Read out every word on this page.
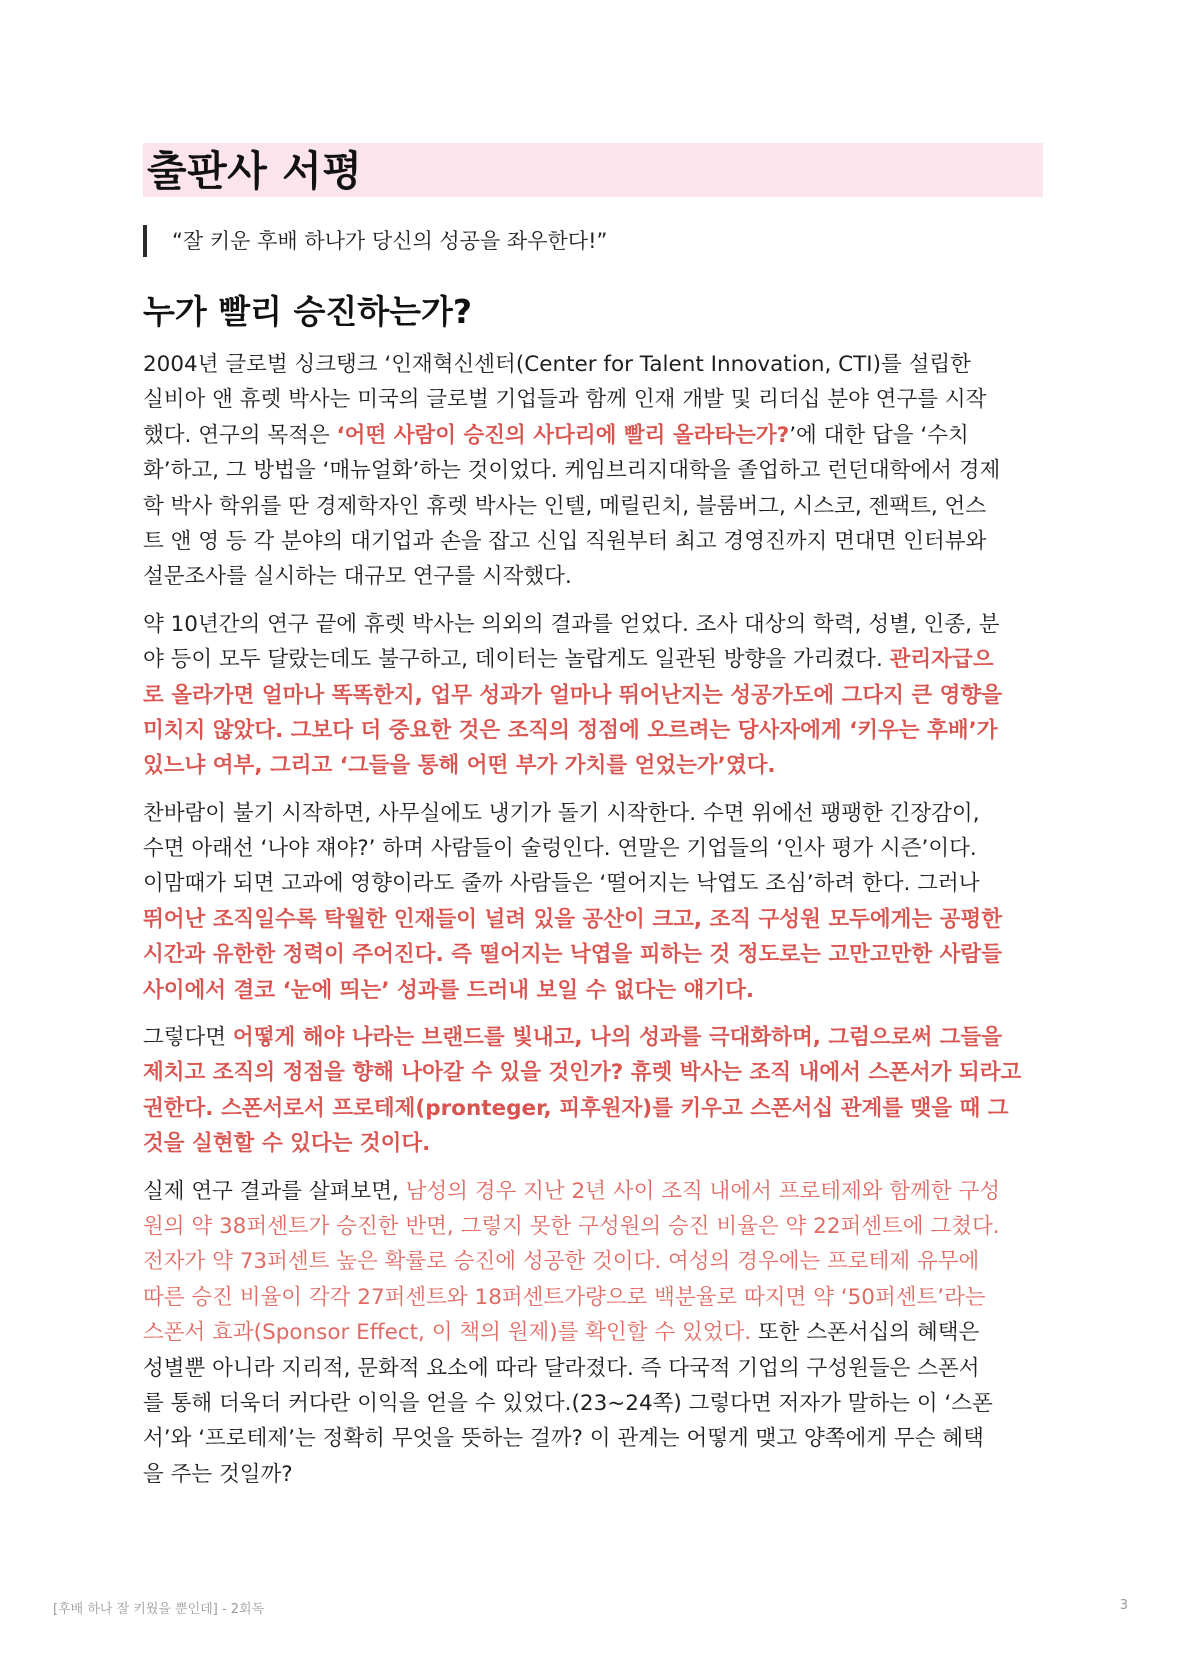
출판사 서평
“잘 키운 후배 하나가 당신의 성공을 좌우한다!”
누가 빨리 승진하는가?
2004년 글로벌 싱크탱크 ‘인재혁신센터(Center for Talent Innovation, CTI)를 설립한
실비아 앤 휴렛 박사는 미국의 글로벌 기업들과 함께 인재 개발 및 리더십 분야 연구를 시작
했다. 연구의 목적은 ‘어떤 사람이 승진의 사다리에 빨리 올라타는가?’에 대한 답을 ‘수치
화’하고, 그 방법을 ‘매뉴얼화’하는 것이었다. 케임브리지대학을 졸업하고 런던대학에서 경제
학 박사 학위를 딴 경제학자인 휴렛 박사는 인텔, 메릴린치, 블룸버그, 시스코, 젠팩트, 언스
트 앤 영 등 각 분야의 대기업과 손을 잡고 신입 직원부터 최고 경영진까지 면대면 인터뷰와
설문조사를 실시하는 대규모 연구를 시작했다.
약 10년간의 연구 끝에 휴렛 박사는 의외의 결과를 얻었다. 조사 대상의 학력, 성별, 인종, 분
야 등이 모두 달랐는데도 불구하고, 데이터는 놀랍게도 일관된 방향을 가리켰다. 관리자급으
로 올라가면 얼마나 똑똑한지, 업무 성과가 얼마나 뛰어난지는 성공가도에 그다지 큰 영향을
미치지 않았다. 그보다 더 중요한 것은 조직의 정점에 오르려는 당사자에게 ‘키우는 후배’가
있느냐 여부, 그리고 ‘그들을 통해 어떤 부가 가치를 얻었는가’였다.
찬바람이 불기 시작하면, 사무실에도 냉기가 돌기 시작한다. 수면 위에선 팽팽한 긴장감이,
수면 아래선 ‘나야 쟤야?’ 하며 사람들이 술렁인다. 연말은 기업들의 ‘인사 평가 시즌’이다.
이맘때가 되면 고과에 영향이라도 줄까 사람들은 ‘떨어지는 낙엽도 조심’하려 한다. 그러나
뛰어난 조직일수록 탁월한 인재들이 널려 있을 공산이 크고, 조직 구성원 모두에게는 공평한
시간과 유한한 정력이 주어진다. 즉 떨어지는 낙엽을 피하는 것 정도로는 고만고만한 사람들
사이에서 결코 ‘눈에 띄는’ 성과를 드러내 보일 수 없다는 얘기다.
그렇다면 어떻게 해야 나라는 브랜드를 빛내고, 나의 성과를 극대화하며, 그럼으로써 그들을
제치고 조직의 정점을 향해 나아갈 수 있을 것인가? 휴렛 박사는 조직 내에서 스폰서가 되라고
권한다. 스폰서로서 프로테제(pronteger, 피후원자)를 키우고 스폰서십 관계를 맺을 때 그
것을 실현할 수 있다는 것이다.
실제 연구 결과를 살펴보면, 남성의 경우 지난 2년 사이 조직 내에서 프로테제와 함께한 구성
원의 약 38퍼센트가 승진한 반면, 그렇지 못한 구성원의 승진 비율은 약 22퍼센트에 그쳤다.
전자가 약 73퍼센트 높은 확률로 승진에 성공한 것이다. 여성의 경우에는 프로테제 유무에
따른 승진 비율이 각각 27퍼센트와 18퍼센트가량으로 백분율로 따지면 약 ‘50퍼센트’라는
스폰서 효과(Sponsor Effect, 이 책의 원제)를 확인할 수 있었다. 또한 스폰서십의 혜택은
성별뿐 아니라 지리적, 문화적 요소에 따라 달라졌다. 즉 다국적 기업의 구성원들은 스폰서
를 통해 더욱더 커다란 이익을 얻을 수 있었다.(23~24쪽) 그렇다면 저자가 말하는 이 ‘스폰
서’와 ‘프로테제’는 정확히 무엇을 뜻하는 걸까? 이 관계는 어떻게 맺고 양쪽에게 무슨 혜택
을 주는 것일까?
[후배 하나 잘 키웠을 뿐인데] - 2회독	3
